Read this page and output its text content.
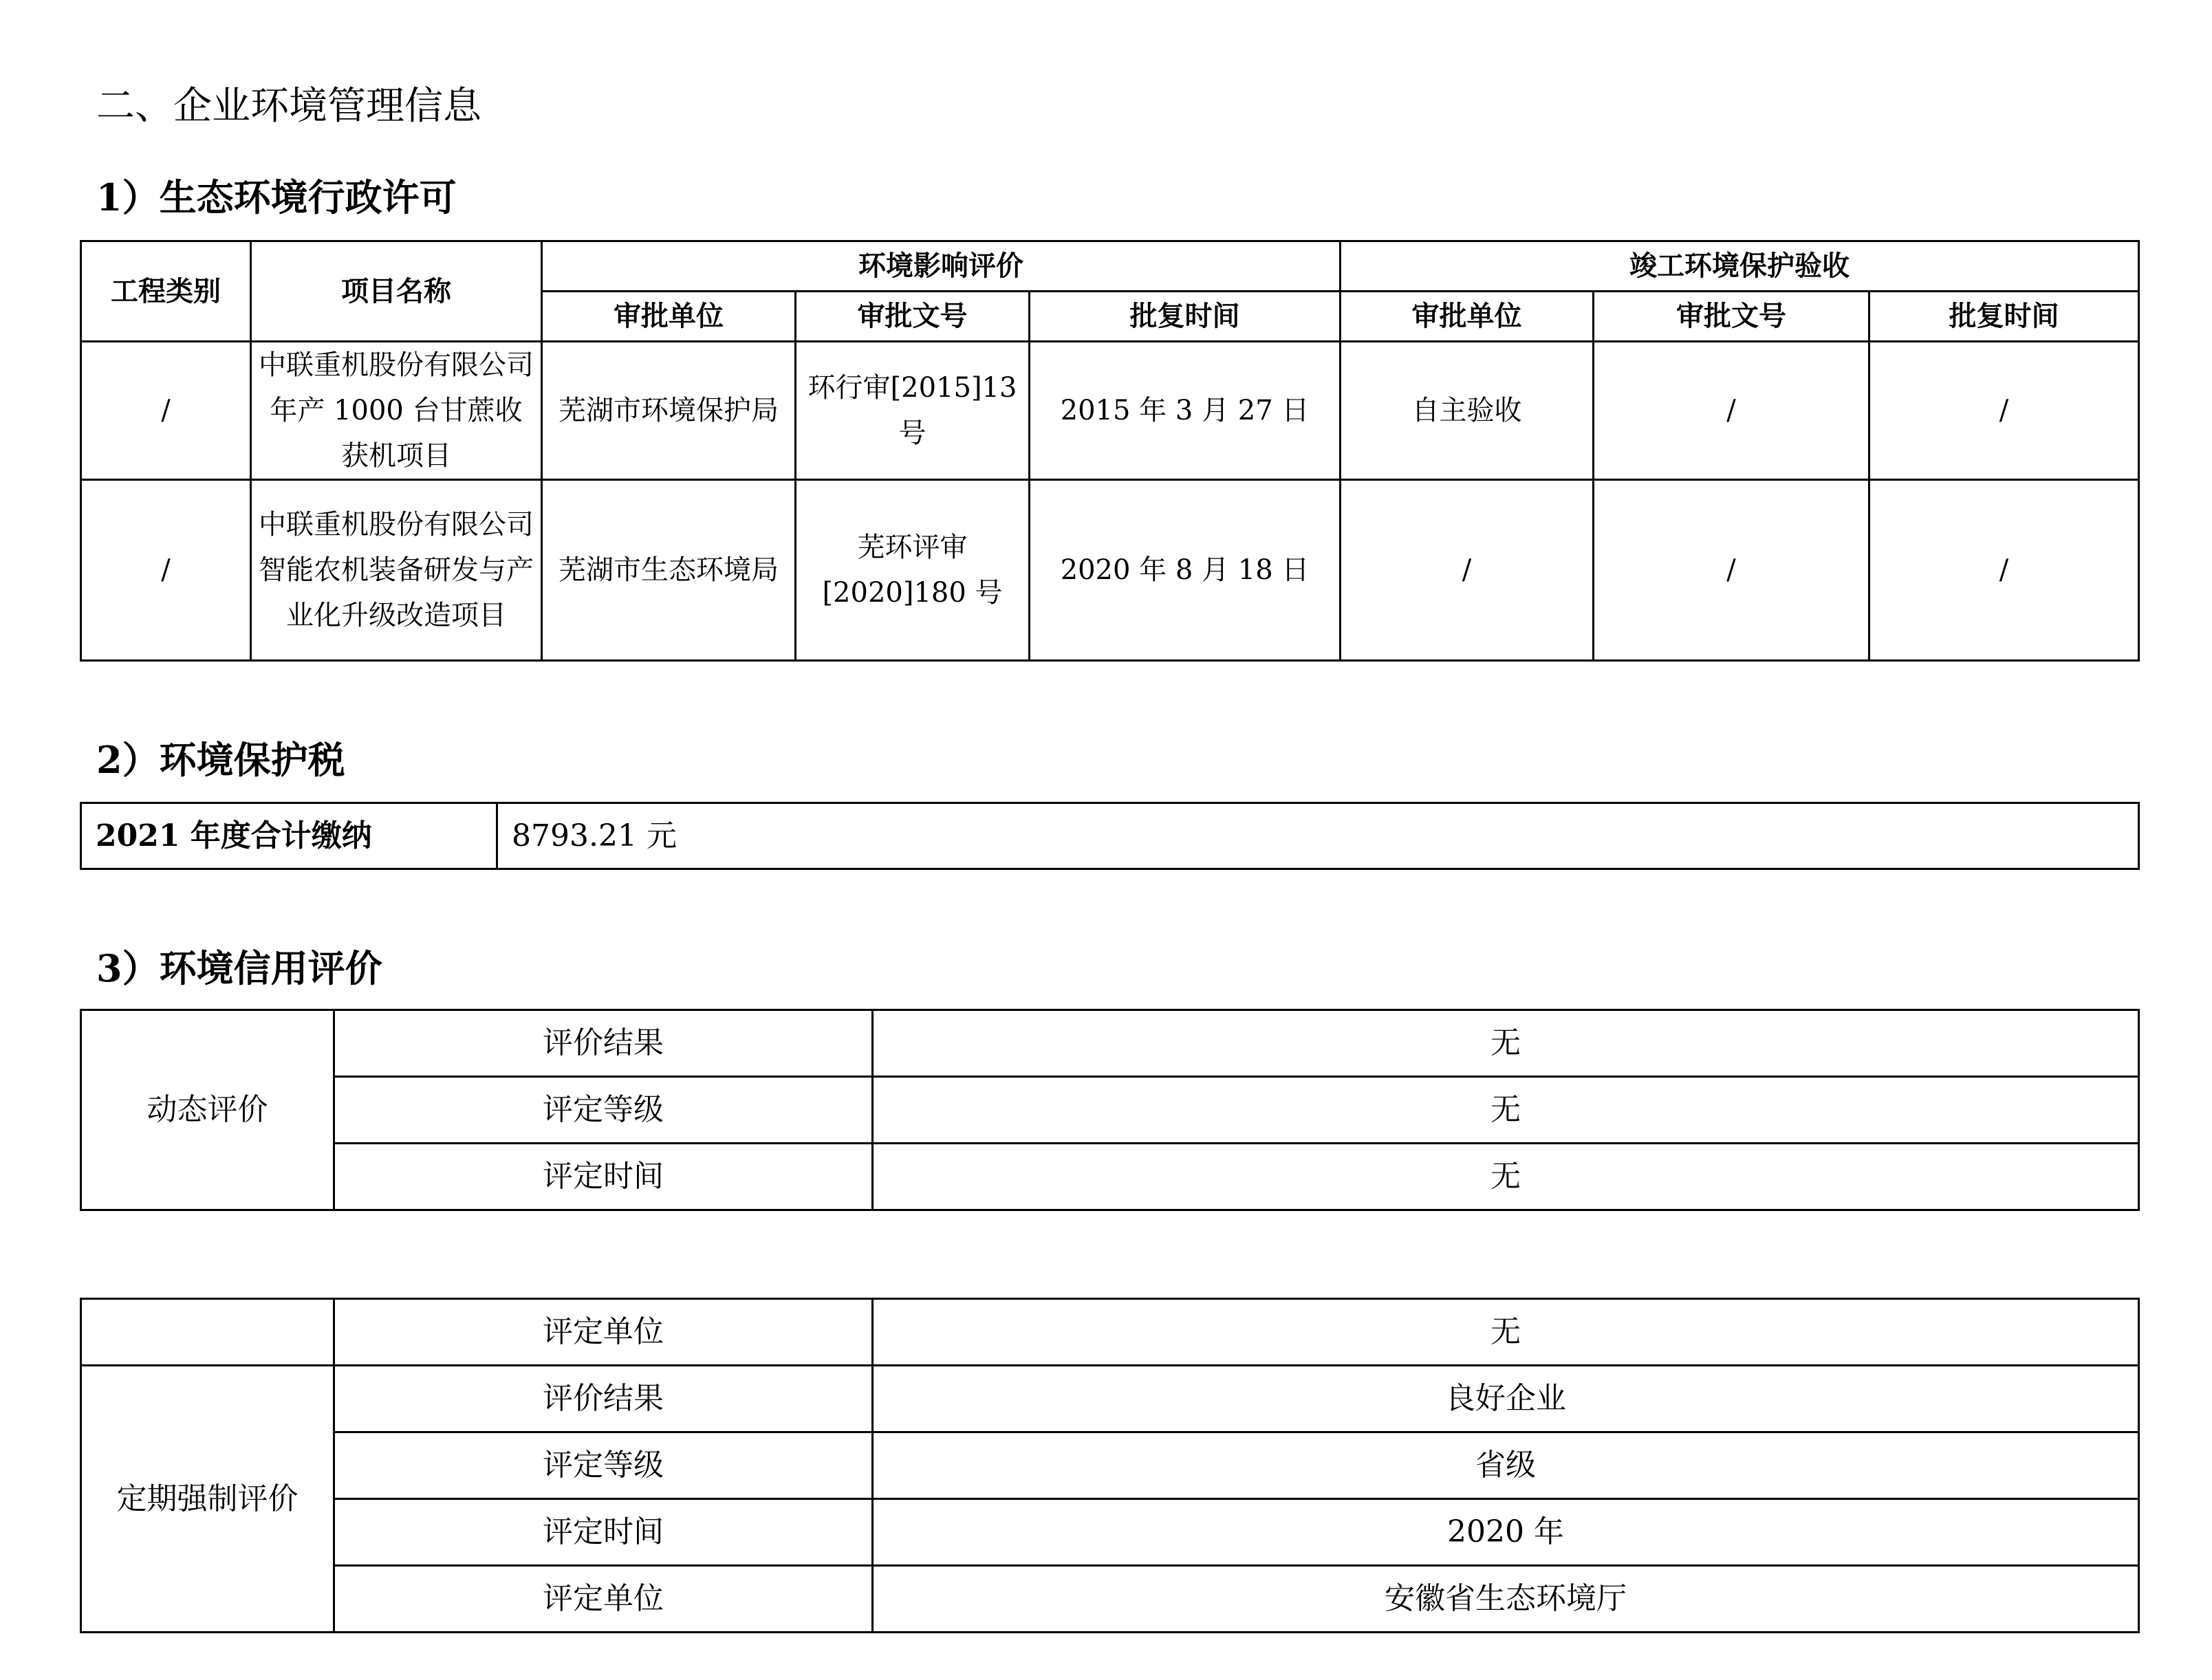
二、企业环境管理信息
1）生态环境行政许可
工程类别	项目名称	环境影响评价			竣工环境保护验收		
		审批单位	审批文号	批复时间	审批单位	审批文号	批复时间
/	中联重机股份有限公司年产 1000 台甘蔗收获机项目	芜湖市环境保护局	环行审[2015]13 号	2015 年 3 月 27 日	自主验收	/	/
/	中联重机股份有限公司智能农机装备研发与产业化升级改造项目	芜湖市生态环境局	芜环评审[2020]180 号	2020 年 8 月 18 日	/	/	/
2）环境保护税
2021 年度合计缴纳	8793.21 元
3）环境信用评价
动态评价	评价结果	无
	评定等级	无
	评定时间	无
	评定单位	无
定期强制评价	评价结果	良好企业
	评定等级	省级
	评定时间	2020 年
	评定单位	安徽省生态环境厅
